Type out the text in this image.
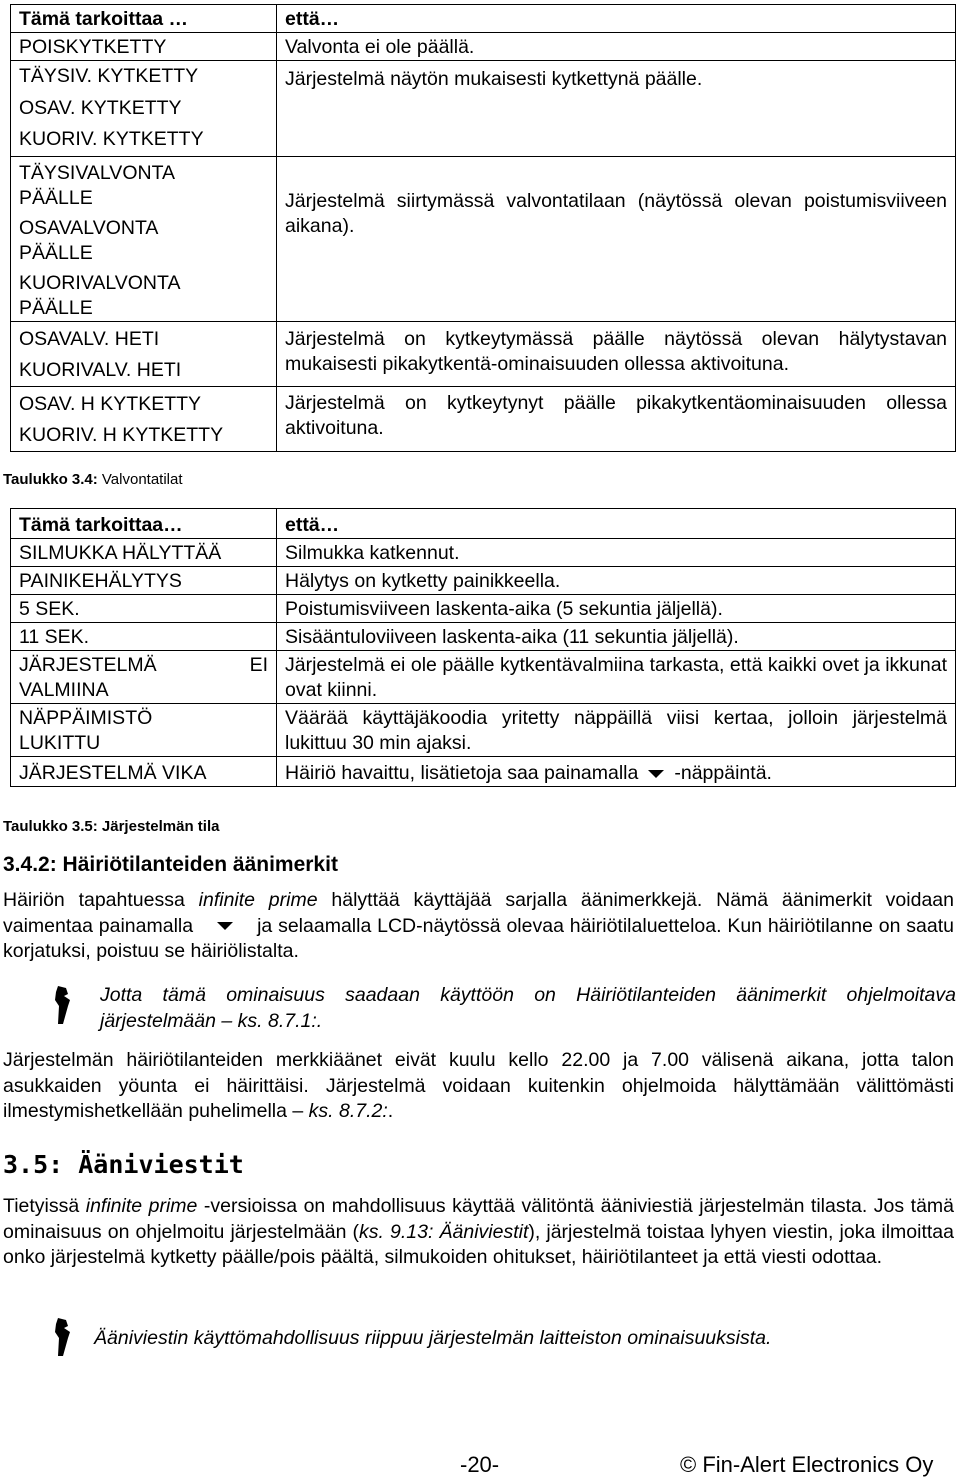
Tämä tarkoittaa …	että…
POISKYTKETTY	Valvonta ei ole päällä.

TÄYSIV. KYTKETTY
OSAV. KYTKETTY
KUORIV. KYTKETTY	Järjestelmä näytön mukaisesti kytkettynä päälle.

TÄYSIVALVONTA PÄÄLLE
OSAVALVONTA PÄÄLLE
KUORIVALVONTA PÄÄLLE	Järjestelmä siirtymässä valvontatilaan (näytössä olevan poistumisviiveen aikana).

OSAVALV. HETI
KUORIVALV. HETI	Järjestelmä on kytkeytymässä päälle näytössä olevan hälytystavan mukaisesti pikakytkentä-ominaisuuden ollessa aktivoituna.

OSAV. H KYTKETTY
KUORIV. H KYTKETTY	Järjestelmä on kytkeytynyt päälle pikakytkentäominaisuuden ollessa aktivoituna.
Taulukko 3.4: Valvontatilat
Tämä tarkoittaa…	että…
SILMUKKA HÄLYTTÄÄ	Silmukka katkennut.
PAINIKEHÄLYTYS	Hälytys on kytketty painikkeella.
5 SEK.	Poistumisviiveen laskenta-aika (5 sekuntia jäljellä).
11 SEK.	Sisääntuloviiveen laskenta-aika (11 sekuntia jäljellä).

JÄRJESTELMÄ EI VALMIINA	Järjestelmä ei ole päälle kytkentävalmiina tarkasta, että kaikki ovet ja ikkunat ovat kiinni.

NÄPPÄIMISTÖ LUKITTU	Väärää käyttäjäkoodia yritetty näppäillä viisi kertaa, jolloin järjestelmä lukittuu 30 min ajaksi.

JÄRJESTELMÄ VIKA	Häiriö havaittu, lisätietoja saa painamalla -näppäintä.
Taulukko 3.5: Järjestelmän tila
3.4.2: Häiriötilanteiden äänimerkit

Häiriön tapahtuessa infinite prime hälyttää käyttäjää sarjalla äänimerkkejä. Nämä äänimerkit voidaan vaimentaa painamalla	ja selaamalla LCD-näytössä olevaa häiriötilaluetteloa. Kun häiriötilanne on saatu korjatuksi, poistuu se häiriölistalta.

Jotta tämä ominaisuus saadaan käyttöön on Häiriötilanteiden äänimerkit ohjelmoitava järjestelmään – ks. 8.7.1:.

Järjestelmän häiriötilanteiden merkkiäänet eivät kuulu kello 22.00 ja 7.00 välisenä aikana, jotta talon asukkaiden yöunta ei häirittäisi. Järjestelmä voidaan kuitenkin ohjelmoida hälyttämään välittömästi ilmestymishetkellään puhelimella – ks. 8.7.2:.

3.5: Ääniviestit

Tietyissä infinite prime -versioissa on mahdollisuus käyttää välitöntä ääniviestiä järjestelmän tilasta. Jos tämä ominaisuus on ohjelmoitu järjestelmään (ks. 9.13: Ääniviestit), järjestelmä toistaa lyhyen viestin, joka ilmoittaa onko järjestelmä kytketty päälle/pois päältä, silmukoiden ohitukset, häiriötilanteet ja että viesti odottaa.

Ääniviestin käyttömahdollisuus riippuu järjestelmän laitteiston ominaisuuksista.

-20-	© Fin-Alert Electronics Oy
